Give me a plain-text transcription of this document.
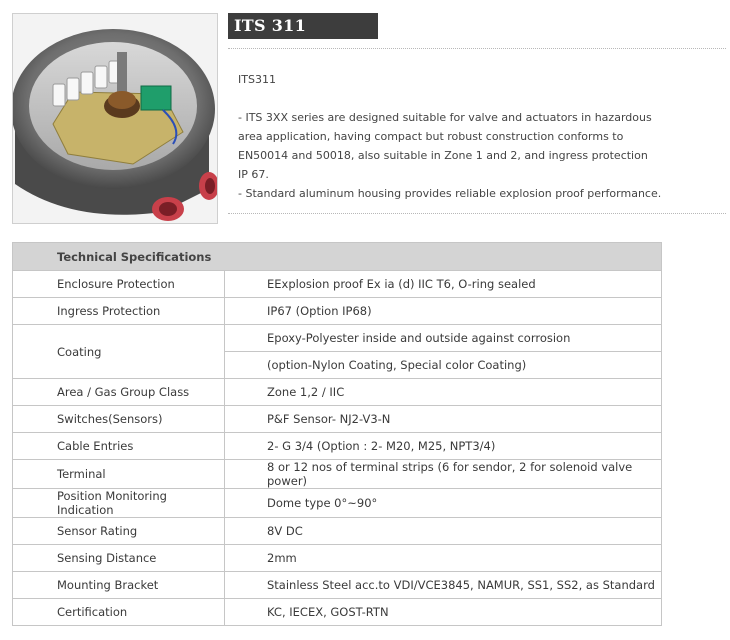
ITS 311

ITS311

- ITS 3XX series are designed suitable for valve and actuators in hazardous

area application, having compact but robust construction conforms to

EN50014 and 50018, also suitable in Zone 1 and 2, and ingress protection

IP 67.

- Standard aluminum housing provides reliable explosion proof performance.

Technical Specifications	
Enclosure Protection	EExplosion proof Ex ia (d) IIC T6, O-ring sealed
Ingress Protection	IP67 (Option IP68)
Coating	Epoxy-Polyester inside and outside against corrosion
	(option-Nylon Coating, Special color Coating)
Area / Gas Group Class	Zone 1,2 / IIC
Switches(Sensors)	P&F Sensor- NJ2-V3-N
Cable Entries	2- G 3/4 (Option : 2- M20, M25, NPT3/4)
Terminal	8 or 12 nos of terminal strips (6 for sendor, 2 for solenoid valve power)
Position Monitoring Indication	Dome type 0°~90°
Sensor Rating	8V DC
Sensing Distance	2mm
Mounting Bracket	Stainless Steel acc.to VDI/VCE3845, NAMUR, SS1, SS2, as Standard
Certification	KC, IECEX, GOST-RTN
